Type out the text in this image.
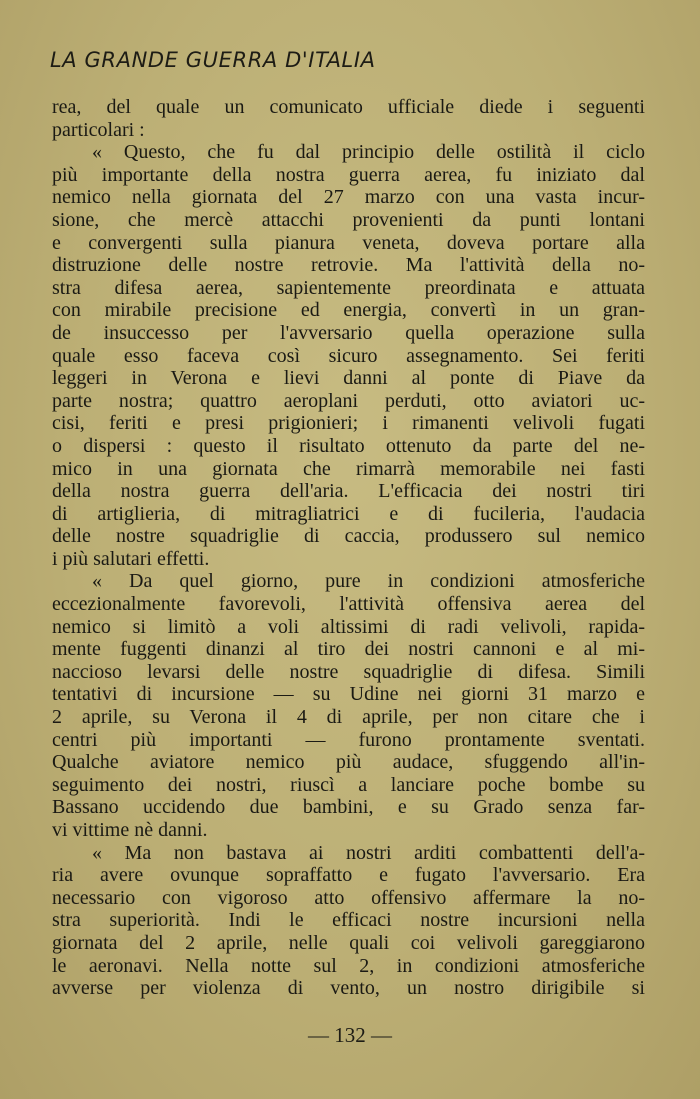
LA GRANDE GUERRA D'ITALIA
rea, del quale un comunicato ufficiale diede i seguenti
particolari :
« Questo, che fu dal principio delle ostilità il ciclo
più importante della nostra guerra aerea, fu iniziato dal
nemico nella giornata del 27 marzo con una vasta incur-
sione, che mercè attacchi provenienti da punti lontani
e convergenti sulla pianura veneta, doveva portare alla
distruzione delle nostre retrovie. Ma l'attività della no-
stra difesa aerea, sapientemente preordinata e attuata
con mirabile precisione ed energia, convertì in un gran-
de insuccesso per l'avversario quella operazione sulla
quale esso faceva così sicuro assegnamento. Sei feriti
leggeri in Verona e lievi danni al ponte di Piave da
parte nostra; quattro aeroplani perduti, otto aviatori uc-
cisi, feriti e presi prigionieri; i rimanenti velivoli fugati
o dispersi : questo il risultato ottenuto da parte del ne-
mico in una giornata che rimarrà memorabile nei fasti
della nostra guerra dell'aria. L'efficacia dei nostri tiri
di artiglieria, di mitragliatrici e di fucileria, l'audacia
delle nostre squadriglie di caccia, produssero sul nemico
i più salutari effetti.
« Da quel giorno, pure in condizioni atmosferiche
eccezionalmente favorevoli, l'attività offensiva aerea del
nemico si limitò a voli altissimi di radi velivoli, rapida-
mente fuggenti dinanzi al tiro dei nostri cannoni e al mi-
naccioso levarsi delle nostre squadriglie di difesa. Simili
tentativi di incursione — su Udine nei giorni 31 marzo e
2 aprile, su Verona il 4 di aprile, per non citare che i
centri più importanti — furono prontamente sventati.
Qualche aviatore nemico più audace, sfuggendo all'in-
seguimento dei nostri, riuscì a lanciare poche bombe su
Bassano uccidendo due bambini, e su Grado senza far-
vi vittime nè danni.
« Ma non bastava ai nostri arditi combattenti dell'a-
ria avere ovunque sopraffatto e fugato l'avversario. Era
necessario con vigoroso atto offensivo affermare la no-
stra superiorità. Indi le efficaci nostre incursioni nella
giornata del 2 aprile, nelle quali coi velivoli gareggiarono
le aeronavi. Nella notte sul 2, in condizioni atmosferiche
avverse per violenza di vento, un nostro dirigibile si
— 132 —
